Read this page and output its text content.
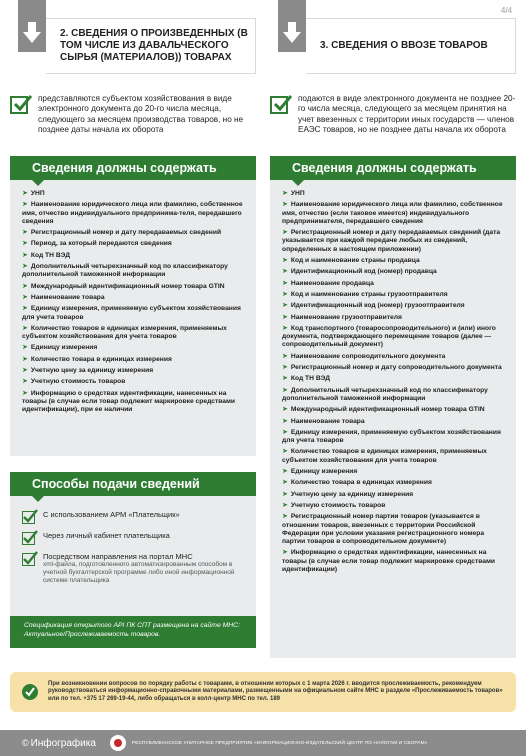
4/4
2. СВЕДЕНИЯ О ПРОИЗВЕДЕННЫХ (В ТОМ ЧИСЛЕ ИЗ ДАВАЛЬЧЕСКОГО СЫРЬЯ (МАТЕРИАЛОВ)) ТОВАРАХ
представляются субъектом хозяйствования в виде электронного документа до 20-го числа месяца, следующего за месяцем производства товаров, но не позднее даты начала их оборота
Сведения должны содержать
➤ УНП
➤ Наименование юридического лица или фамилию, собственное имя, отчество индивидуального предпринима-теля, передавшего сведения
➤ Регистрационный номер и дату передаваемых сведений
➤ Период, за который передаются сведения
➤ Код ТН ВЭД
➤ Дополнительный четырехзначный код по классификатору дополнительной таможенной информации
➤ Международный идентификационный номер товара GTIN
➤ Наименование товара
➤ Единицу измерения, применяемую субъектом хозяйствования для учета товаров
➤ Количество товаров в единицах измерения, применяемых субъектом хозяйствования для учета товаров
➤ Единицу измерения
➤ Количество товара в единицах измерения
➤ Учетную цену за единицу измерения
➤ Учетную стоимость товаров
➤ Информацию о средствах идентификации, нанесенных на товары (в случае если товар подлежит маркировке средствами идентификации), при ее наличии
Способы подачи сведений
С использованием АРМ «Плательщик»
Через личный кабинет плательщика
Посредством направления на портал МНС
xml-файла, подготовленного автоматизированным способом в учетной бухгалтерской программе либо иной информационной системе плательщика
Спецификация открытого API ПК СПТ размещена на сайте МНС: Актуальное/Прослеживаемость товаров.
3. СВЕДЕНИЯ О ВВОЗЕ ТОВАРОВ
подаются в виде электронного документа не позднее 20-го числа месяца, следующего за месяцем принятия на учет ввезенных с территории иных государств — членов ЕАЭС товаров, но не позднее даты начала их оборота
Сведения должны содержать
➤ УНП
➤ Наименование юридического лица или фамилию, собственное имя, отчество (если таковое имеется) индивидуального предпринимателя, передавшего сведения
➤ Регистрационный номер и дату передаваемых сведений (дата указывается при каждой передаче любых из сведений, определенных в настоящем приложении)
➤ Код и наименование страны продавца
➤ Идентификационный код (номер) продавца
➤ Наименование продавца
➤ Код и наименование страны грузоотправителя
➤ Идентификационный код (номер) грузоотправителя
➤ Наименование грузоотправителя
➤ Код транспортного (товаросопроводительного) и (или) иного документа, подтверждающего перемещение товаров (далее — сопроводительный документ)
➤ Наименование сопроводительного документа
➤ Регистрационный номер и дату сопроводительного документа
➤ Код ТН ВЭД
➤ Дополнительный четырехзначный код по классификатору дополнительной таможенной информации
➤ Международный идентификационный номер товара GTIN
➤ Наименование товара
➤ Единицу измерения, применяемую субъектом хозяйствования для учета товаров
➤ Количество товаров в единицах измерения, применяемых субъектом хозяйствования для учета товаров
➤ Единицу измерения
➤ Количество товара в единицах измерения
➤ Учетную цену за единицу измерения
➤ Учетную стоимость товаров
➤ Регистрационный номер партии товаров (указывается в отношении товаров, ввезенных с территории Российской Федерации при условии указания регистрационного номера партии товаров в сопроводительном документе)
➤ Информацию о средствах идентификации, нанесенных на товары (в случае если товар подлежит маркировке средствами идентификации)
При возникновении вопросов по порядку работы с товарами, в отношении которых с 1 марта 2026 г. вводится прослеживаемость, рекомендуем руководствоваться информационно-справочными материалами, размещенными на официальном сайте МНС в разделе «Прослеживаемость товаров» или по тел. +375 17 269-19-44, либо обращаться в колл-центр МНС по тел. 189
© Инфографика	РЕСПУБЛИКАНСКОЕ УНИТАРНОЕ ПРЕДПРИЯТИЕ «ИНФОРМАЦИОННО-ИЗДАТЕЛЬСКИЙ ЦЕНТР ПО НАЛОГАМ И СБОРАМ»
